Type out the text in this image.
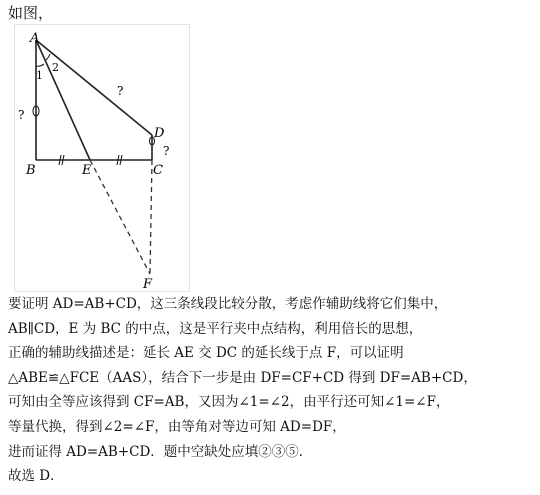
如图，
A
B	C
D
E
F
1
2
?
?
?
要证明 AD=AB+CD，这三条线段比较分散，考虑作辅助线将它们集中，
AB∥CD，E 为 BC 的中点，这是平行夹中点结构，利用倍长的思想，
正确的辅助线描述是：延长 AE 交 DC 的延长线于点 F，可以证明
△ABE≌△FCE（AAS），结合下一步是由 DF=CF+CD 得到 DF=AB+CD，
可知由全等应该得到 CF=AB，又因为∠1=∠2，由平行还可知∠1=∠F，
等量代换，得到∠2=∠F，由等角对等边可知 AD=DF，
进而证得 AD=AB+CD．题中空缺处应填②③⑤．
故选 D．
